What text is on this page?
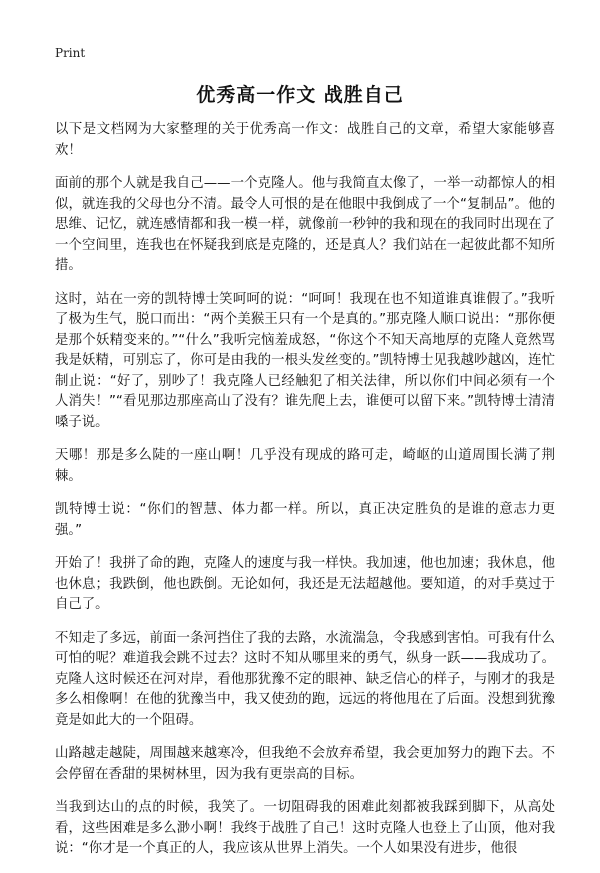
Print
优秀高一作文 战胜自己

以下是文档网为大家整理的关于优秀高一作文：战胜自己的文章，希望大家能够喜欢！

面前的那个人就是我自己——一个克隆人。他与我简直太像了，一举一动都惊人的相似，就连我的父母也分不清。最令人可恨的是在他眼中我倒成了一个“复制品”。他的思维、记忆，就连感情都和我一模一样，就像前一秒钟的我和现在的我同时出现在了一个空间里，连我也在怀疑我到底是克隆的，还是真人？我们站在一起彼此都不知所措。

这时，站在一旁的凯特博士笑呵呵的说：“呵呵！我现在也不知道谁真谁假了。”我听了极为生气，脱口而出：“两个美猴王只有一个是真的。”那克隆人顺口说出：“那你便是那个妖精变来的。”“什么”我听完恼羞成怒，“你这个不知天高地厚的克隆人竟然骂我是妖精，可别忘了，你可是由我的一根头发丝变的。”凯特博士见我越吵越凶，连忙制止说：“好了，别吵了！我克隆人已经触犯了相关法律，所以你们中间必须有一个人消失！”“看见那边那座高山了没有？谁先爬上去，谁便可以留下来。”凯特博士清清嗓子说。

天哪！那是多么陡的一座山啊！几乎没有现成的路可走，崎岖的山道周围长满了荆棘。

凯特博士说：“你们的智慧、体力都一样。所以，真正决定胜负的是谁的意志力更强。”

开始了！我拼了命的跑，克隆人的速度与我一样快。我加速，他也加速；我休息，他也休息；我跌倒，他也跌倒。无论如何，我还是无法超越他。要知道，的对手莫过于自己了。

不知走了多远，前面一条河挡住了我的去路，水流湍急，令我感到害怕。可我有什么可怕的呢？难道我会跳不过去？这时不知从哪里来的勇气，纵身一跃——我成功了。克隆人这时候还在河对岸，看他那犹豫不定的眼神、缺乏信心的样子，与刚才的我是多么相像啊！在他的犹豫当中，我又使劲的跑，远远的将他甩在了后面。没想到犹豫竟是如此大的一个阻碍。

山路越走越陡，周围越来越寒冷，但我绝不会放弃希望，我会更加努力的跑下去。不会停留在香甜的果树林里，因为我有更崇高的目标。

当我到达山的点的时候，我笑了。一切阻碍我的困难此刻都被我踩到脚下，从高处看，这些困难是多么渺小啊！我终于战胜了自己！这时克隆人也登上了山顶，他对我说：“你才是一个真正的人，我应该从世界上消失。一个人如果没有进步，他很
